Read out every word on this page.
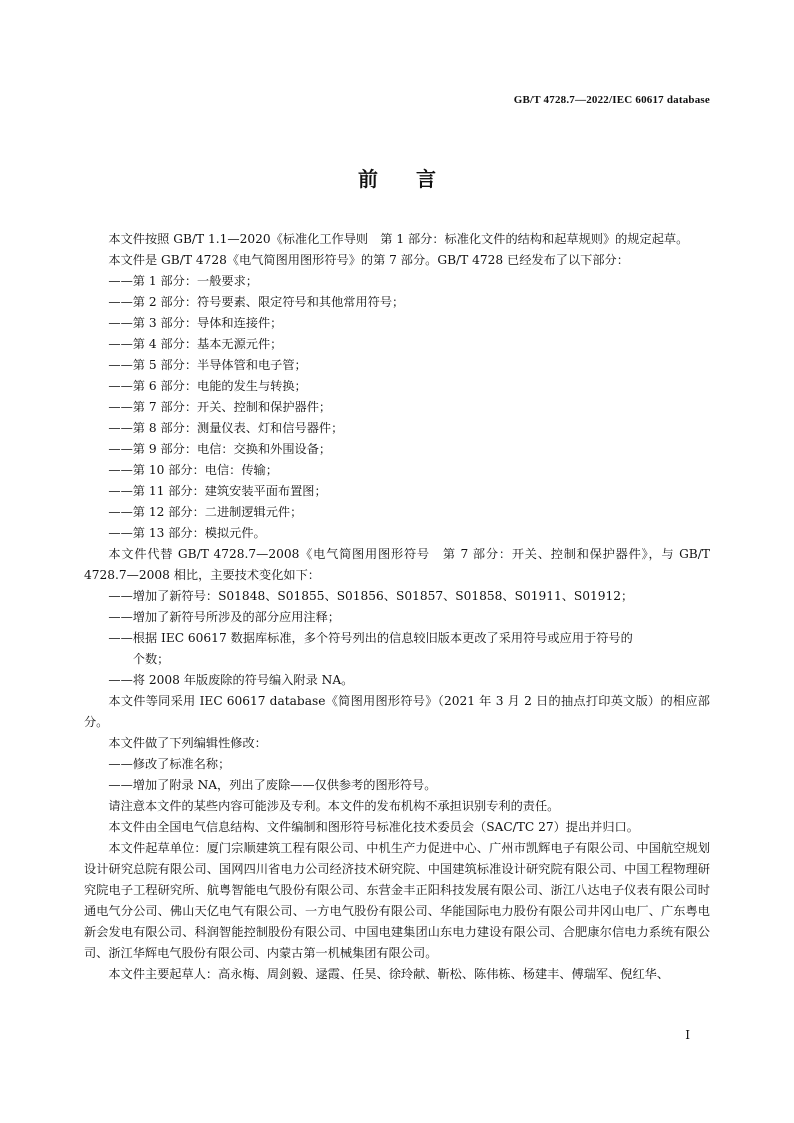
GB/T 4728.7—2022/IEC 60617 database
前言
本文件按照 GB/T 1.1—2020《标准化工作导则　第 1 部分：标准化文件的结构和起草规则》的规定起草。
本文件是 GB/T 4728《电气简图用图形符号》的第 7 部分。GB/T 4728 已经发布了以下部分：
——第 1 部分：一般要求；
——第 2 部分：符号要素、限定符号和其他常用符号；
——第 3 部分：导体和连接件；
——第 4 部分：基本无源元件；
——第 5 部分：半导体管和电子管；
——第 6 部分：电能的发生与转换；
——第 7 部分：开关、控制和保护器件；
——第 8 部分：测量仪表、灯和信号器件；
——第 9 部分：电信：交换和外围设备；
——第 10 部分：电信：传输；
——第 11 部分：建筑安装平面布置图；
——第 12 部分：二进制逻辑元件；
——第 13 部分：模拟元件。
本文件代替 GB/T 4728.7—2008《电气简图用图形符号　第 7 部分：开关、控制和保护器件》，与 GB/T 4728.7—2008 相比，主要技术变化如下：
——增加了新符号：S01848、S01855、S01856、S01857、S01858、S01911、S01912；
——增加了新符号所涉及的部分应用注释；
——根据 IEC 60617 数据库标准，多个符号列出的信息较旧版本更改了采用符号或应用于符号的
个数；
——将 2008 年版废除的符号编入附录 NA。
本文件等同采用 IEC 60617 database《简图用图形符号》（2021 年 3 月 2 日的抽点打印英文版）的相应部分。
本文件做了下列编辑性修改：
——修改了标准名称；
——增加了附录 NA，列出了废除——仅供参考的图形符号。
请注意本文件的某些内容可能涉及专利。本文件的发布机构不承担识别专利的责任。
本文件由全国电气信息结构、文件编制和图形符号标准化技术委员会（SAC/TC 27）提出并归口。
本文件起草单位：厦门宗顺建筑工程有限公司、中机生产力促进中心、广州市凯辉电子有限公司、中国航空规划设计研究总院有限公司、国网四川省电力公司经济技术研究院、中国建筑标准设计研究院有限公司、中国工程物理研究院电子工程研究所、航粤智能电气股份有限公司、东营金丰正阳科技发展有限公司、浙江八达电子仪表有限公司时通电气分公司、佛山天亿电气有限公司、一方电气股份有限公司、华能国际电力股份有限公司井冈山电厂、广东粤电新会发电有限公司、科润智能控制股份有限公司、中国电建集团山东电力建设有限公司、合肥康尔信电力系统有限公司、浙江华辉电气股份有限公司、内蒙古第一机械集团有限公司。
本文件主要起草人：高永梅、周剑毅、逯霞、任昊、徐玲献、靳松、陈伟栋、杨建丰、傅瑞军、倪红华、
I
